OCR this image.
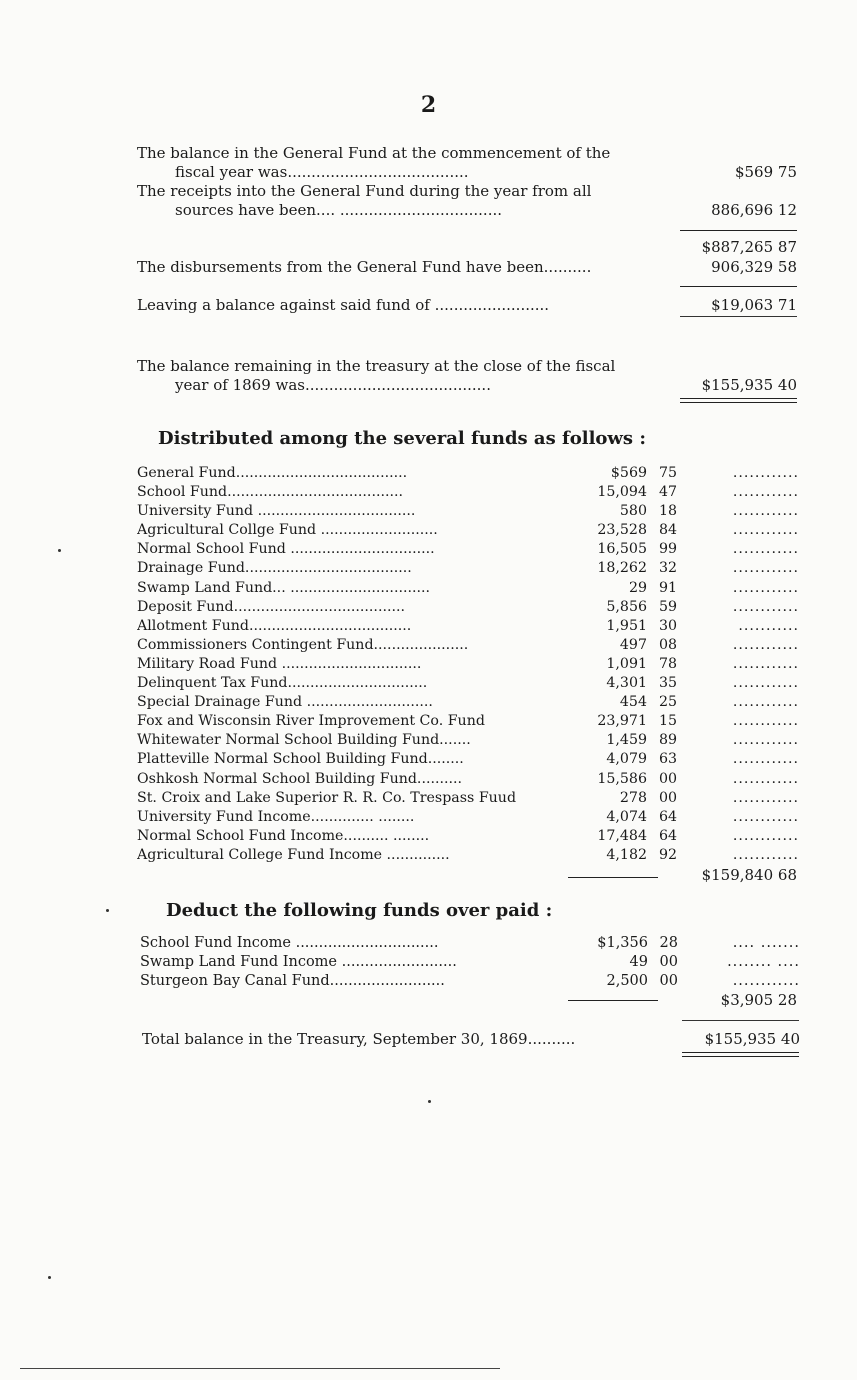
2
The balance in the General Fund at the commencement of the
fiscal year was......................................	$569 75
The receipts into the General Fund during the year from all
sources have been.... ..................................	886,696 12
$887,265 87
The disbursements from the General Fund have been..........	906,329 58
Leaving a balance against said fund of ........................	$19,063 71
The balance remaining in the treasury at the close of the fiscal
year of 1869 was.......................................	$155,935 40
Distributed among the several funds as follows :
General Fund......................................	$569 75	............
School Fund.......................................	15,094 47	............
University Fund ...................................	580 18	............
Agricultural Collge Fund ..........................	23,528 84	............
Normal School Fund ................................	16,505 99	............
Drainage Fund.....................................	18,262 32	............
Swamp Land Fund... ...............................	29 91	............
Deposit Fund......................................	5,856 59	............
Allotment Fund....................................	1,951 30	...........
Commissioners Contingent Fund.....................	497 08	............
Military Road Fund ...............................	1,091 78	............
Delinquent Tax Fund...............................	4,301 35	............
Special Drainage Fund ............................	454 25	............
Fox and Wisconsin River Improvement Co. Fund	23,971 15	............
Whitewater Normal School Building Fund.......	1,459 89	............
Platteville Normal School Building Fund........	4,079 63	............
Oshkosh Normal School Building Fund..........	15,586 00	............
St. Croix and Lake Superior R. R. Co. Trespass Fuud	278 00	............
University Fund Income.............. ........	4,074 64	............
Normal School Fund Income.......... ........	17,484 64	............
Agricultural College Fund Income ..............	4,182 92	............
$159,840 68
Deduct the following funds over paid :
School Fund Income ...............................	$1,356 28	.... .......
Swamp Land Fund Income .........................	49 00	........ ....
Sturgeon Bay Canal Fund.........................	2,500 00	............
$3,905 28
Total balance in the Treasury, September 30, 1869..........	$155,935 40
